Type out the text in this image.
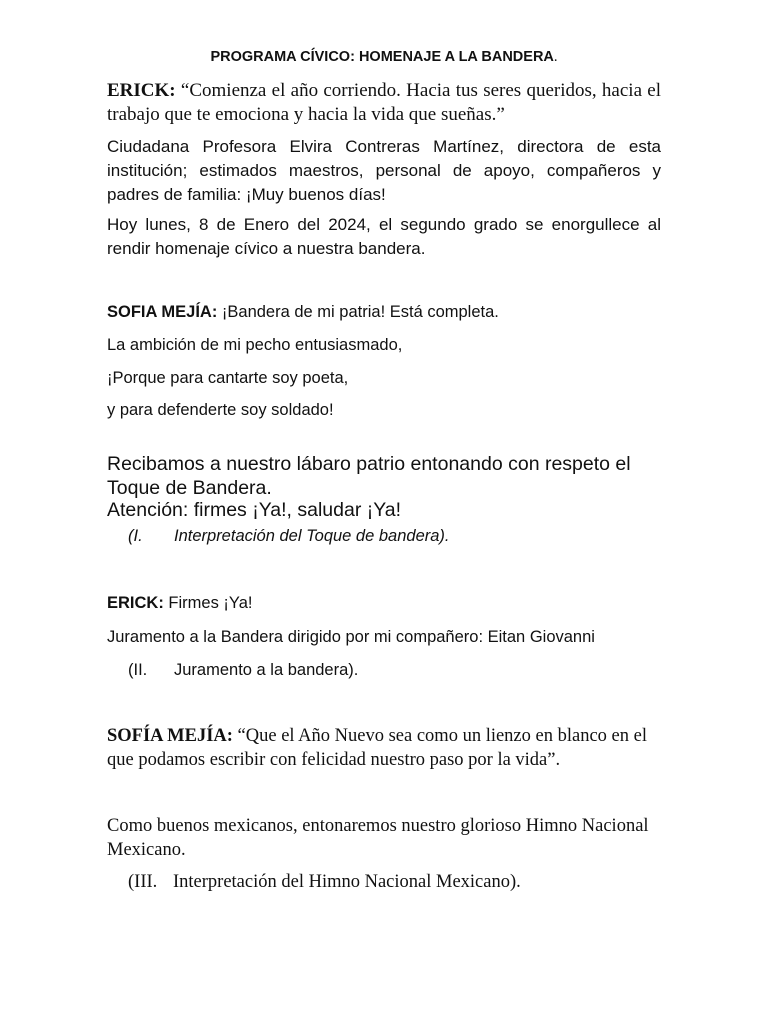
PROGRAMA CÍVICO: HOMENAJE A LA BANDERA.

ERICK: “Comienza el año corriendo. Hacia tus seres queridos, hacia el trabajo que te emociona y hacia la vida que sueñas.”

Ciudadana Profesora Elvira Contreras Martínez, directora de esta institución; estimados maestros, personal de apoyo, compañeros y padres de familia: ¡Muy buenos días!

Hoy lunes, 8 de Enero del 2024, el segundo grado se enorgullece al rendir homenaje cívico a nuestra bandera.

SOFIA MEJÍA: ¡Bandera de mi patria! Está completa.

La ambición de mi pecho entusiasmado,

¡Porque para cantarte soy poeta,

y para defenderte soy soldado!

Recibamos a nuestro lábaro patrio entonando con respeto el

Toque de Bandera.

Atención: firmes ¡Ya!, saludar ¡Ya!

(I. Interpretación del Toque de bandera).

ERICK: Firmes ¡Ya!

Juramento a la Bandera dirigido por mi compañero: Eitan Giovanni

(II. Juramento a la bandera).

SOFÍA MEJÍA: “Que el Año Nuevo sea como un lienzo en blanco en el que podamos escribir con felicidad nuestro paso por la vida”.

Como buenos mexicanos, entonaremos nuestro glorioso Himno Nacional Mexicano.

(III. Interpretación del Himno Nacional Mexicano).
